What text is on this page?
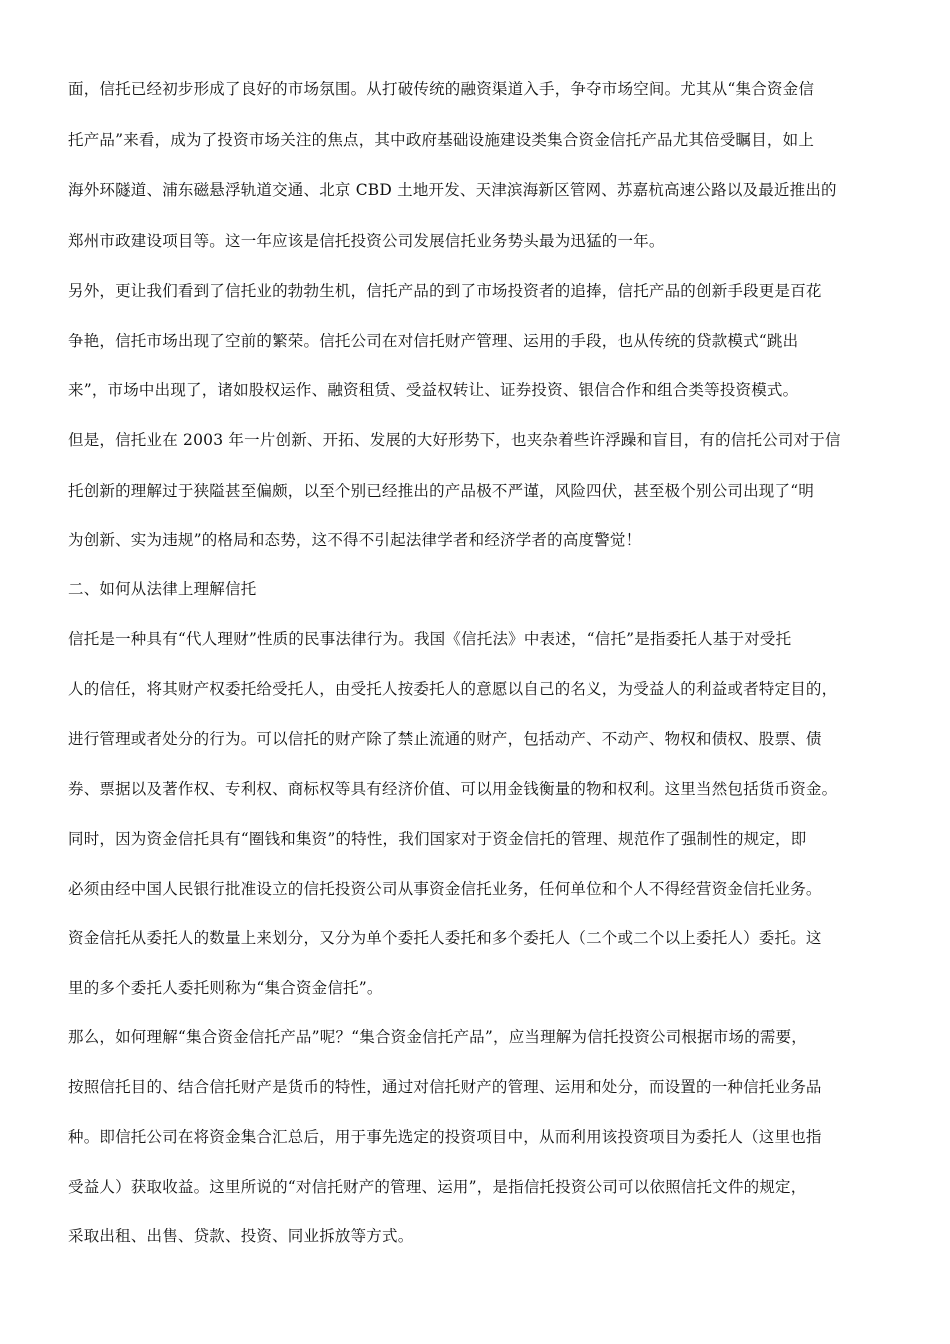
面，信托已经初步形成了良好的市场氛围。从打破传统的融资渠道入手，争夺市场空间。尤其从“集合资金信
托产品”来看，成为了投资市场关注的焦点，其中政府基础设施建设类集合资金信托产品尤其倍受瞩目，如上
海外环隧道、浦东磁悬浮轨道交通、北京 CBD 土地开发、天津滨海新区管网、苏嘉杭高速公路以及最近推出的
郑州市政建设项目等。这一年应该是信托投资公司发展信托业务势头最为迅猛的一年。
另外，更让我们看到了信托业的勃勃生机，信托产品的到了市场投资者的追捧，信托产品的创新手段更是百花
争艳，信托市场出现了空前的繁荣。信托公司在对信托财产管理、运用的手段，也从传统的贷款模式“跳出
来”，市场中出现了，诸如股权运作、融资租赁、受益权转让、证券投资、银信合作和组合类等投资模式。
但是，信托业在 2003 年一片创新、开拓、发展的大好形势下，也夹杂着些许浮躁和盲目，有的信托公司对于信
托创新的理解过于狭隘甚至偏颇，以至个别已经推出的产品极不严谨，风险四伏，甚至极个别公司出现了“明
为创新、实为违规”的格局和态势，这不得不引起法律学者和经济学者的高度警觉！
二、如何从法律上理解信托
信托是一种具有“代人理财”性质的民事法律行为。我国《信托法》中表述，“信托”是指委托人基于对受托
人的信任，将其财产权委托给受托人，由受托人按委托人的意愿以自己的名义，为受益人的利益或者特定目的，
进行管理或者处分的行为。可以信托的财产除了禁止流通的财产，包括动产、不动产、物权和债权、股票、债
券、票据以及著作权、专利权、商标权等具有经济价值、可以用金钱衡量的物和权利。这里当然包括货币资金。
同时，因为资金信托具有“圈钱和集资”的特性，我们国家对于资金信托的管理、规范作了强制性的规定，即
必须由经中国人民银行批准设立的信托投资公司从事资金信托业务，任何单位和个人不得经营资金信托业务。
资金信托从委托人的数量上来划分，又分为单个委托人委托和多个委托人（二个或二个以上委托人）委托。这
里的多个委托人委托则称为“集合资金信托”。
那么，如何理解“集合资金信托产品”呢？“集合资金信托产品”，应当理解为信托投资公司根据市场的需要，
按照信托目的、结合信托财产是货币的特性，通过对信托财产的管理、运用和处分，而设置的一种信托业务品
种。即信托公司在将资金集合汇总后，用于事先选定的投资项目中，从而利用该投资项目为委托人（这里也指
受益人）获取收益。这里所说的“对信托财产的管理、运用”，是指信托投资公司可以依照信托文件的规定，
采取出租、出售、贷款、投资、同业拆放等方式。
